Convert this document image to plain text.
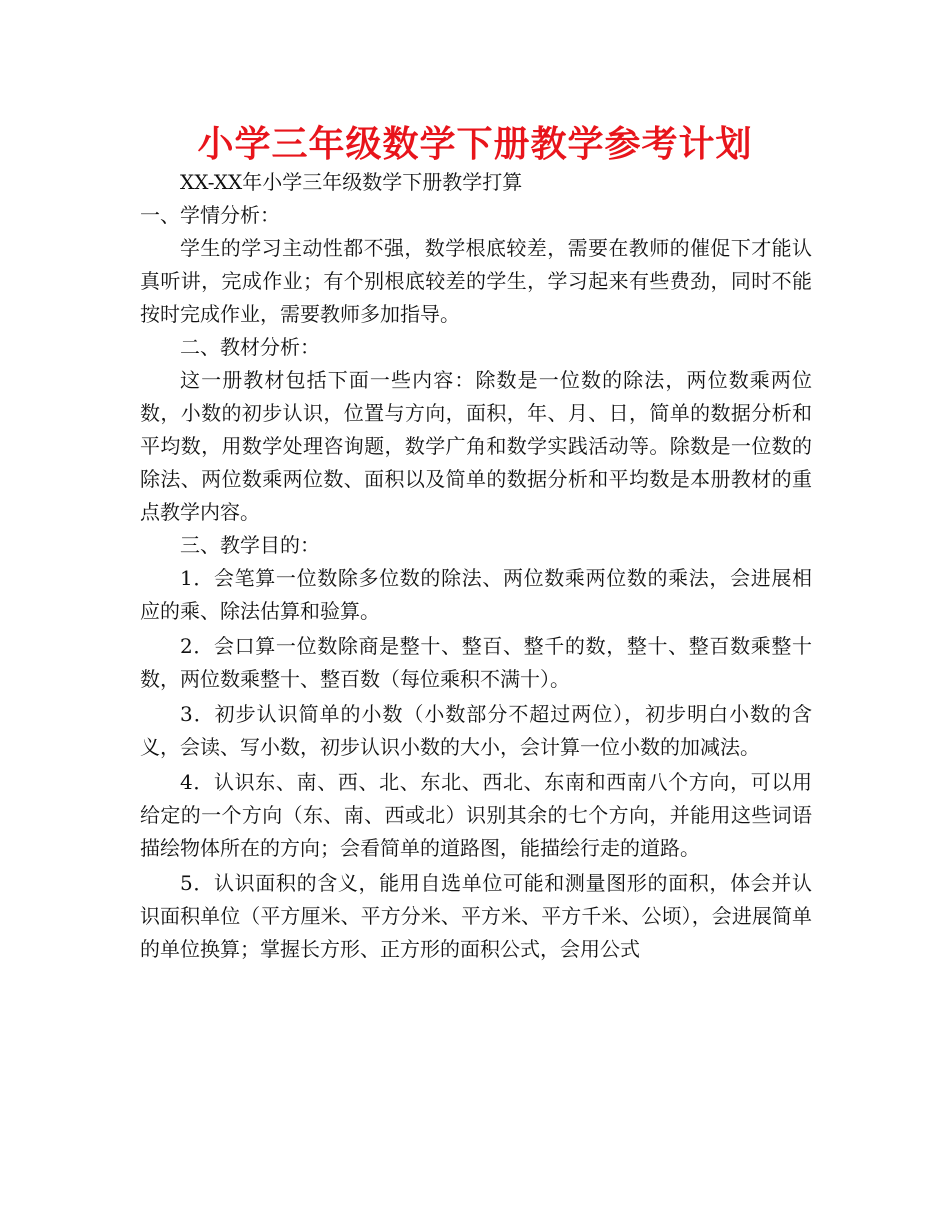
小学三年级数学下册教学参考计划

XX-XX年小学三年级数学下册教学打算

一、学情分析：

学生的学习主动性都不强，数学根底较差，需要在教师的催促下才能认真听讲，完成作业；有个别根底较差的学生，学习起来有些费劲，同时不能按时完成作业，需要教师多加指导。

二、教材分析：

这一册教材包括下面一些内容：除数是一位数的除法，两位数乘两位数，小数的初步认识，位置与方向，面积，年、月、日，简单的数据分析和平均数，用数学处理咨询题，数学广角和数学实践活动等。除数是一位数的除法、两位数乘两位数、面积以及简单的数据分析和平均数是本册教材的重点教学内容。

三、教学目的：

1．会笔算一位数除多位数的除法、两位数乘两位数的乘法，会进展相应的乘、除法估算和验算。

2．会口算一位数除商是整十、整百、整千的数，整十、整百数乘整十数，两位数乘整十、整百数（每位乘积不满十）。

3．初步认识简单的小数（小数部分不超过两位），初步明白小数的含义，会读、写小数，初步认识小数的大小，会计算一位小数的加减法。

4．认识东、南、西、北、东北、西北、东南和西南八个方向，可以用给定的一个方向（东、南、西或北）识别其余的七个方向，并能用这些词语描绘物体所在的方向；会看简单的道路图，能描绘行走的道路。

5．认识面积的含义，能用自选单位可能和测量图形的面积，体会并认识面积单位（平方厘米、平方分米、平方米、平方千米、公顷），会进展简单的单位换算；掌握长方形、正方形的面积公式，会用公式
